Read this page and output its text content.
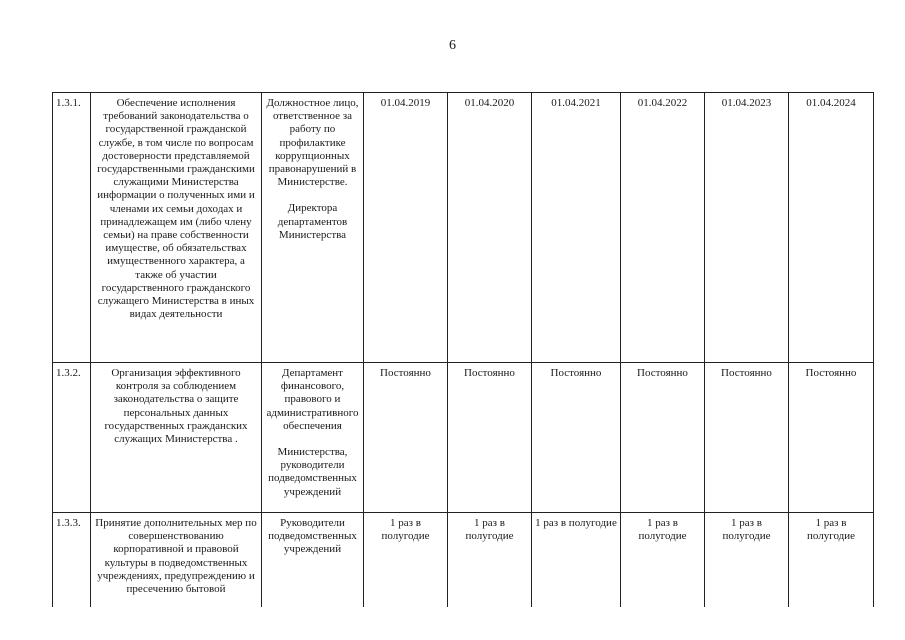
6
1.3.1.	Обеспечение исполнения требований законодательства о государственной гражданской службе, в том числе по вопросам достоверности представляемой государственными гражданскими служащими Министерства информации о полученных ими и членами их семьи доходах и принадлежащем им (либо члену семьи) на праве собственности имуществе, об обязательствах имущественного характера, а также об участии государственного гражданского служащего Министерства в иных видах деятельности	Должностное лицо, ответственное за работу по профилактике коррупционных правонарушений в Министерстве.

Директора департаментов Министерства	01.04.2019	01.04.2020	01.04.2021	01.04.2022	01.04.2023	01.04.2024
1.3.2.	Организация эффективного контроля за соблюдением законодательства о защите персональных данных государственных гражданских служащих Министерства .	Департамент финансового, правового и административного обеспечения

Министерства, руководители подведомственных учреждений	Постоянно	Постоянно	Постоянно	Постоянно	Постоянно	Постоянно
1.3.3.	Принятие дополнительных мер по совершенствованию корпоративной и правовой культуры в подведомственных учреждениях, предупреждению и пресечению бытовой	Руководители подведомственных учреждений	1 раз в полугодие	1 раз в полугодие	1 раз в полугодие	1 раз в полугодие	1 раз в полугодие	1 раз в полугодие
